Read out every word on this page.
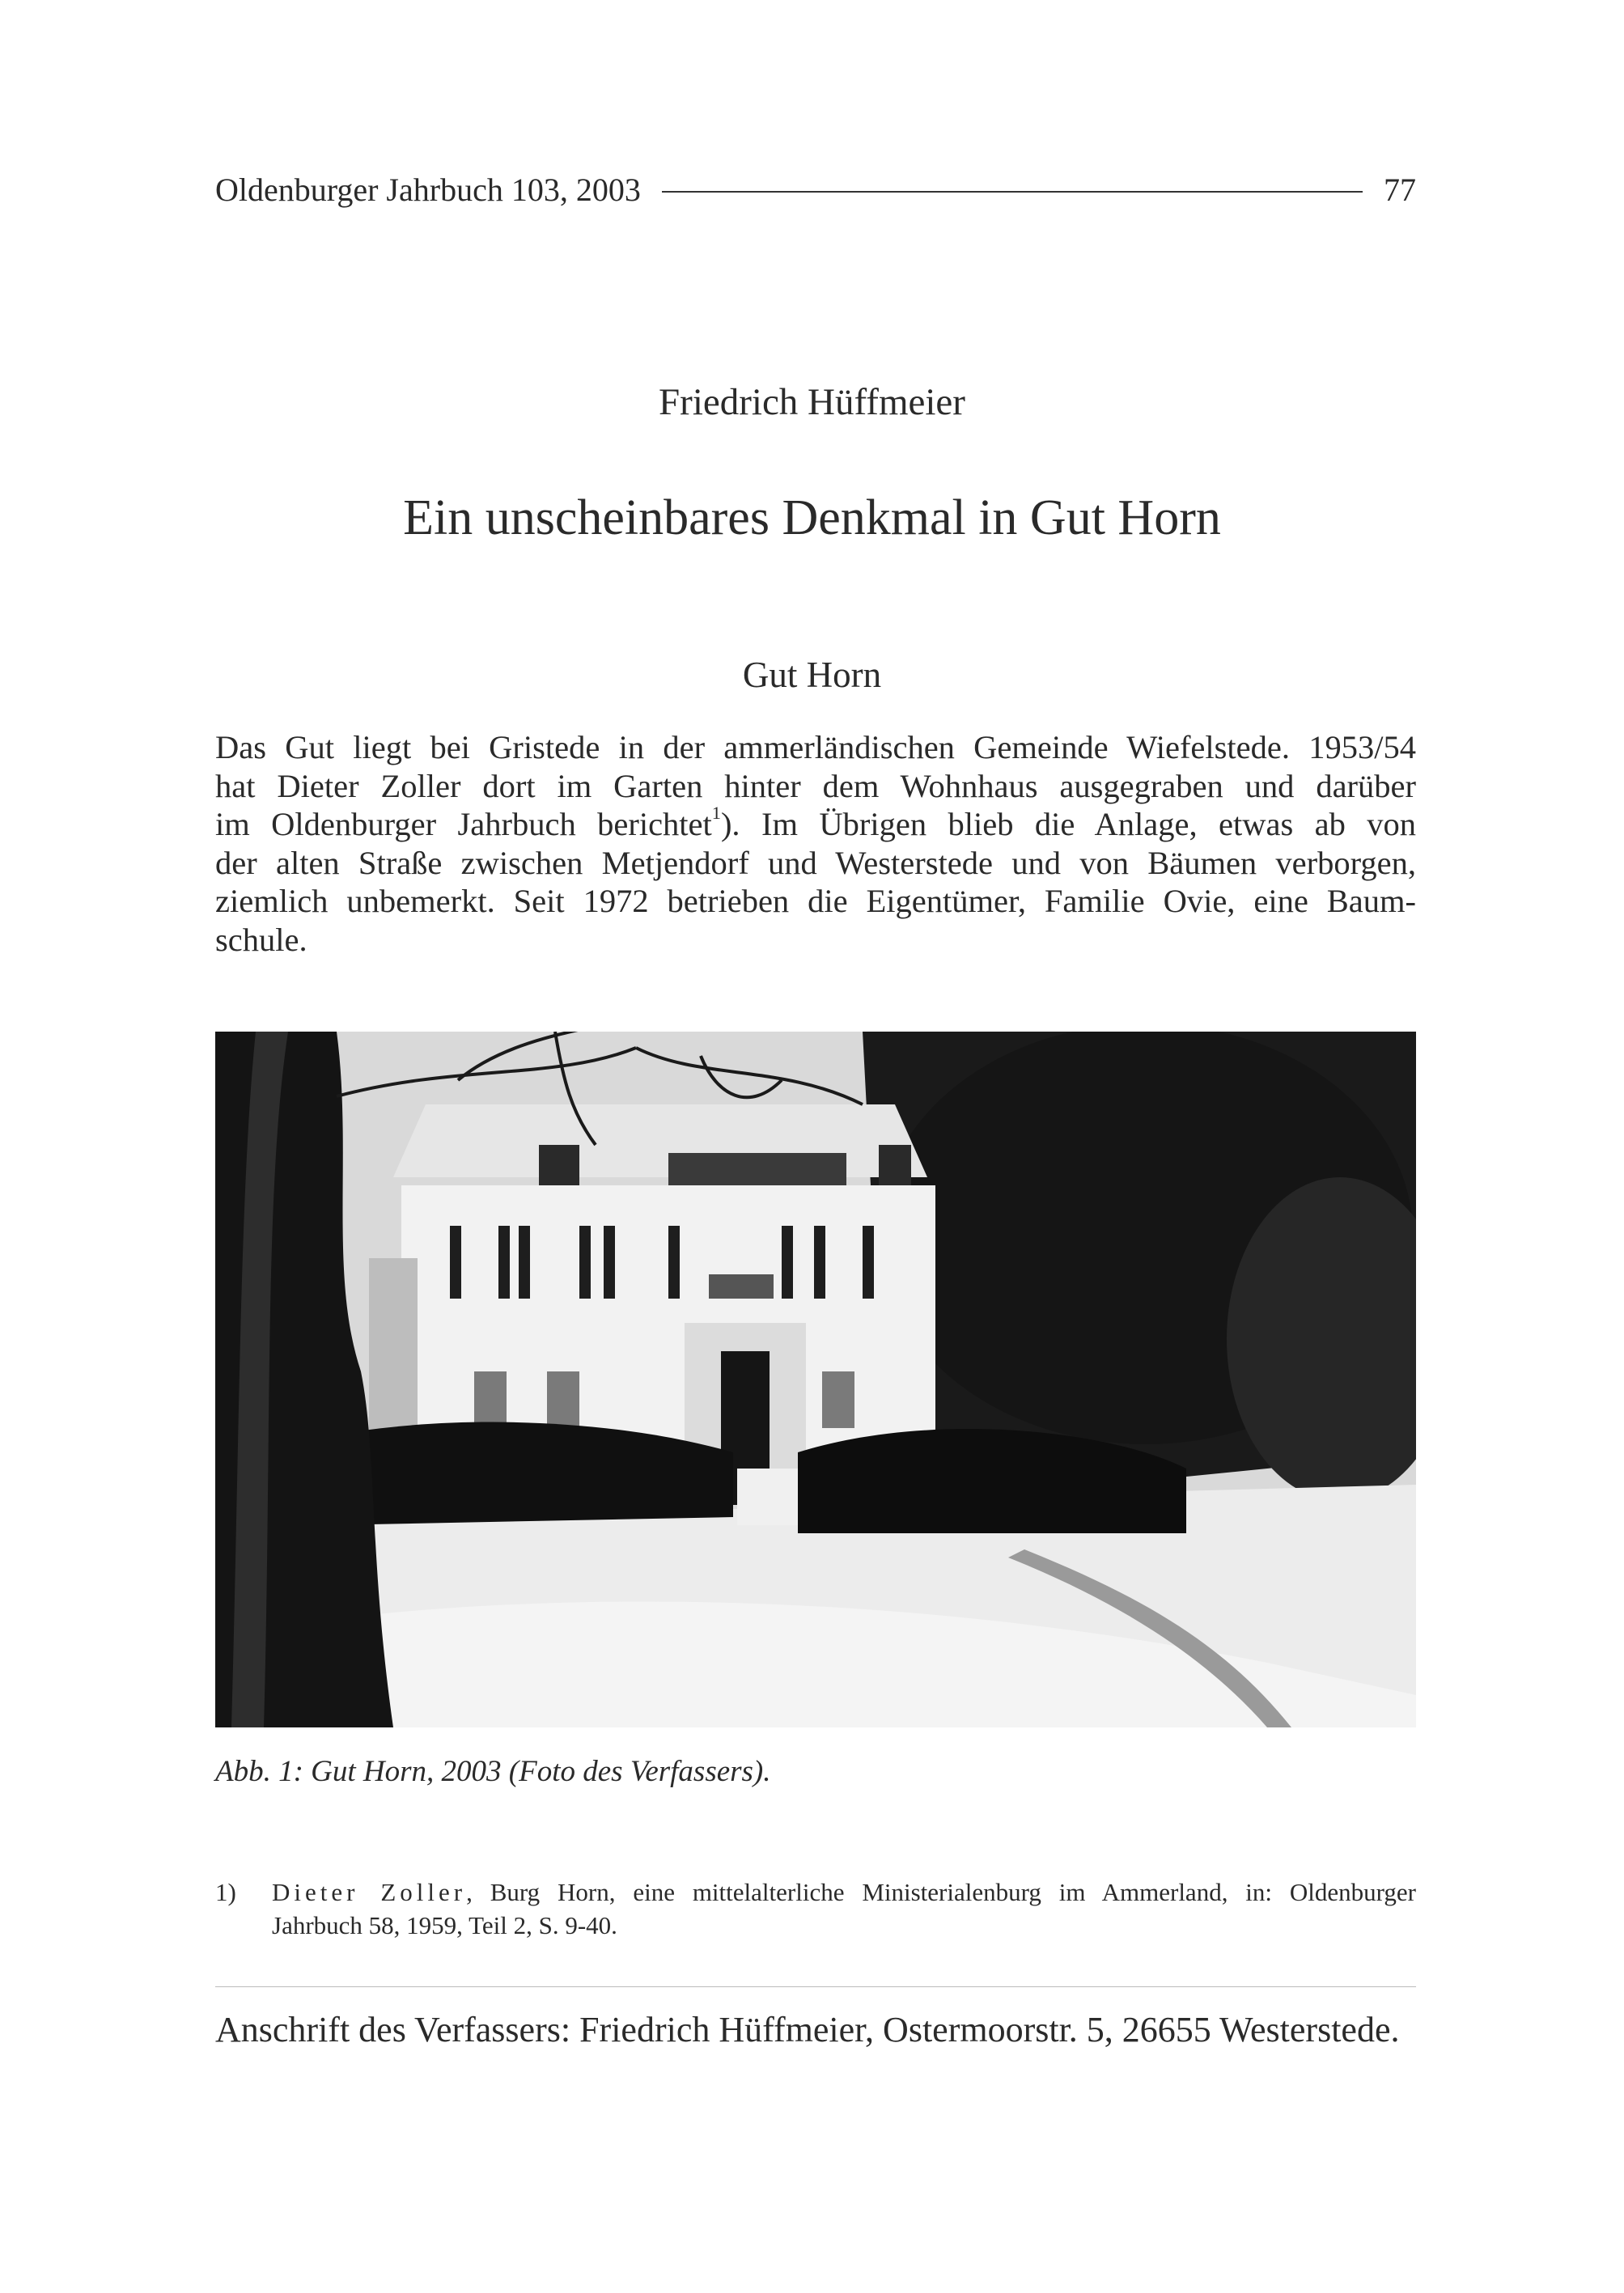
Oldenburger Jahrbuch 103, 2003	77
Friedrich Hüffmeier
Ein unscheinbares Denkmal in Gut Horn
Gut Horn
Das Gut liegt bei Gristede in der ammerländischen Gemeinde Wiefelstede. 1953/54
hat Dieter Zoller dort im Garten hinter dem Wohnhaus ausgegraben und darüber
im Oldenburger Jahrbuch berichtet$^1$). Im Übrigen blieb die Anlage, etwas ab von
der alten Straße zwischen Metjendorf und Westerstede und von Bäumen verborgen,
ziemlich unbemerkt. Seit 1972 betrieben die Eigentümer, Familie Ovie, eine Baum-
schule.
Abb. 1: Gut Horn, 2003 (Foto des Verfassers).
1)	Dieter Zoller, Burg Horn, eine mittelalterliche Ministerialenburg im Ammerland, in: Oldenburger
Jahrbuch 58, 1959, Teil 2, S. 9-40.
Anschrift des Verfassers: Friedrich Hüffmeier, Ostermoorstr. 5, 26655 Westerstede.
